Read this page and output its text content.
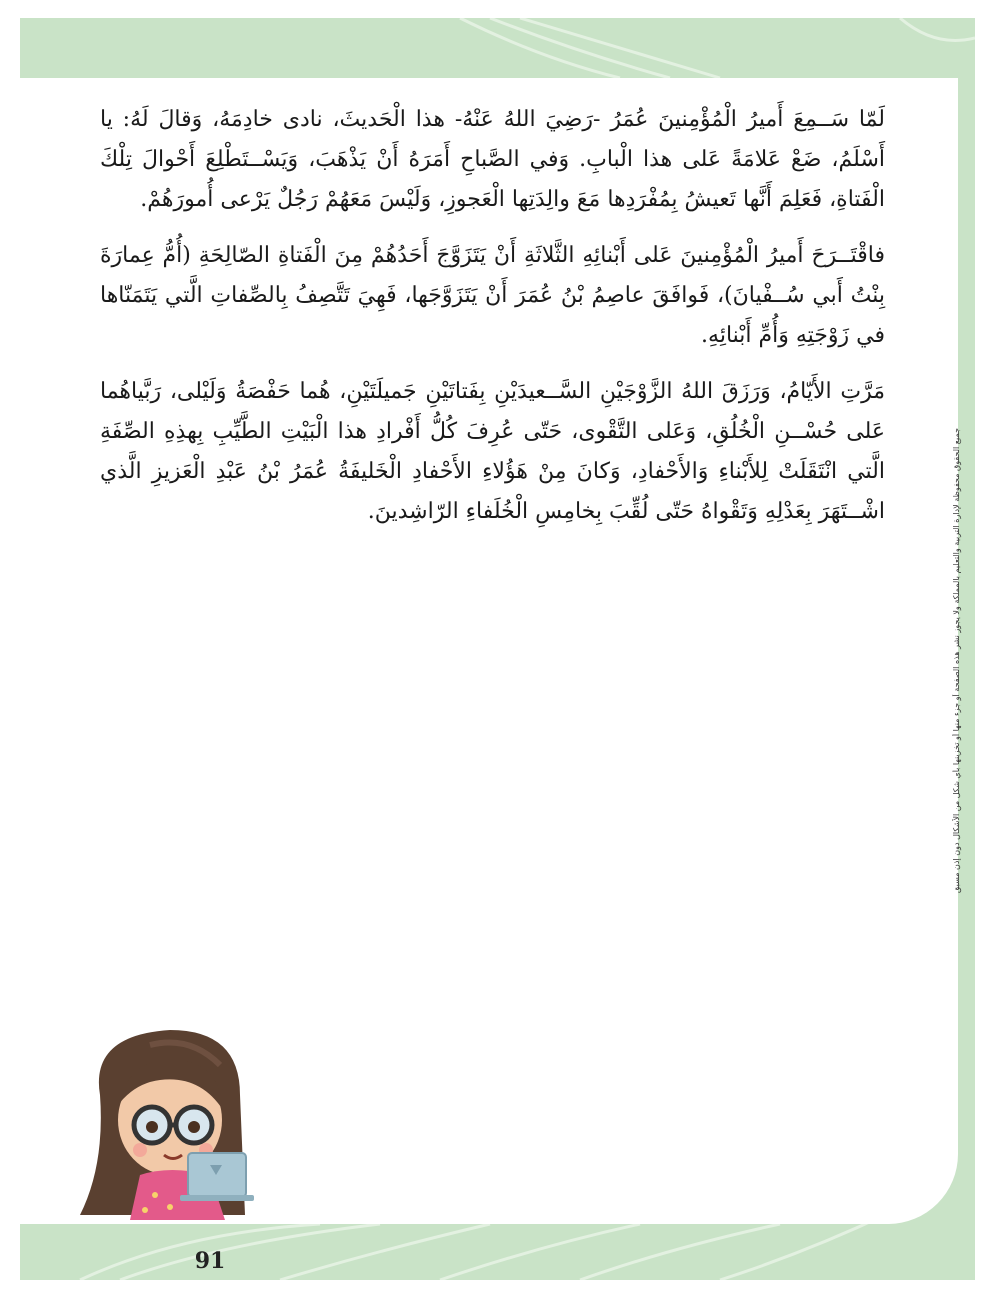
لَمّا سَــمِعَ أَميرُ الْمُؤْمِنينَ عُمَرُ -رَضِيَ اللهُ عَنْهُ- هذا الْحَديثَ، نادى خادِمَهُ، وَقالَ لَهُ: يا أَسْلَمُ، ضَعْ عَلامَةً عَلى هذا الْبابِ. وَفي الصَّباحِ أَمَرَهُ أَنْ يَذْهَبَ، وَيَسْــتَطْلِعَ أَحْوالَ تِلْكَ الْفَتاةِ، فَعَلِمَ أَنَّها تَعيشُ بِمُفْرَدِها مَعَ والِدَتِها الْعَجوزِ، وَلَيْسَ مَعَهُمْ رَجُلٌ يَرْعى أُمورَهُمْ.

فاقْتَــرَحَ أَميرُ الْمُؤْمِنينَ عَلى أَبْنائِهِ الثَّلاثَةِ أَنْ يَتَزَوَّجَ أَحَدُهُمْ مِنَ الْفَتاةِ الصّالِحَةِ (أُمُّ عِمارَةَ بِنْتُ أَبي سُــفْيانَ)، فَوافَقَ عاصِمُ بْنُ عُمَرَ أَنْ يَتَزَوَّجَها، فَهِيَ تَتَّصِفُ بِالصِّفاتِ الَّتي يَتَمَنّاها في زَوْجَتِهِ وَأُمِّ أَبْنائِهِ.

مَرَّتِ الأَيّامُ، وَرَزَقَ اللهُ الزَّوْجَيْنِ السَّــعيدَيْنِ بِفَتاتَيْنِ جَميلَتَيْنِ، هُما حَفْصَةُ وَلَيْلى، رَبَّياهُما عَلى حُسْــنِ الْخُلُقِ، وَعَلى التَّقْوى، حَتّى عُرِفَ كُلُّ أَفْرادِ هذا الْبَيْتِ الطَّيِّبِ بِهذِهِ الصِّفَةِ الَّتي انْتَقَلَتْ لِلأَبْناءِ وَالأَحْفادِ، وَكانَ مِنْ هَؤُلاءِ الأَحْفادِ الْخَليفَةُ عُمَرُ بْنُ عَبْدِ الْعَزيزِ الَّذي اشْــتَهَرَ بِعَدْلِهِ وَتَقْواهُ حَتّى لُقِّبَ بِخامِسِ الْخُلَفاءِ الرّاشِدينَ.	جميع الحقوق محفوظة لإدارة التربية والتعليم بالمملكة ولا يجوز نشر هذه الصفحة أو جزء منها أو تخزينها بأي شكل من الأشكال دون إذن مسبق
91
